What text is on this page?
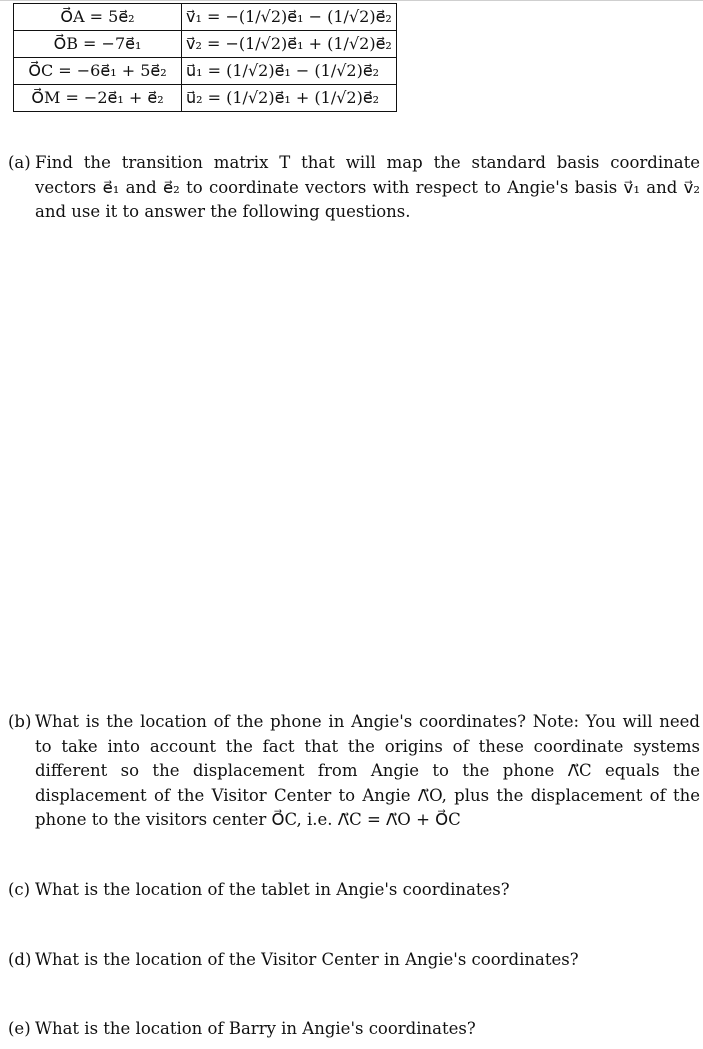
O⃗A = 5e⃗₂	v⃗₁ = −(1/√2)e⃗₁ − (1/√2)e⃗₂
O⃗B = −7e⃗₁	v⃗₂ = −(1/√2)e⃗₁ + (1/√2)e⃗₂
O⃗C = −6e⃗₁ + 5e⃗₂	u⃗₁ = (1/√2)e⃗₁ − (1/√2)e⃗₂
O⃗M = −2e⃗₁ + e⃗₂	u⃗₂ = (1/√2)e⃗₁ + (1/√2)e⃗₂
(a) Find the transition matrix T that will map the standard basis coordinate vectors e⃗₁ and e⃗₂ to coordinate vectors with respect to Angie's basis v⃗₁ and v⃗₂ and use it to answer the following questions.
(b) What is the location of the phone in Angie's coordinates? Note: You will need to take into account the fact that the origins of these coordinate systems different so the displacement from Angie to the phone Λ⃗C equals the displacement of the Visitor Center to Angie Λ⃗O, plus the displacement of the phone to the visitors center O⃗C, i.e. Λ⃗C = Λ⃗O + O⃗C
(c) What is the location of the tablet in Angie's coordinates?
(d) What is the location of the Visitor Center in Angie's coordinates?
(e) What is the location of Barry in Angie's coordinates?
